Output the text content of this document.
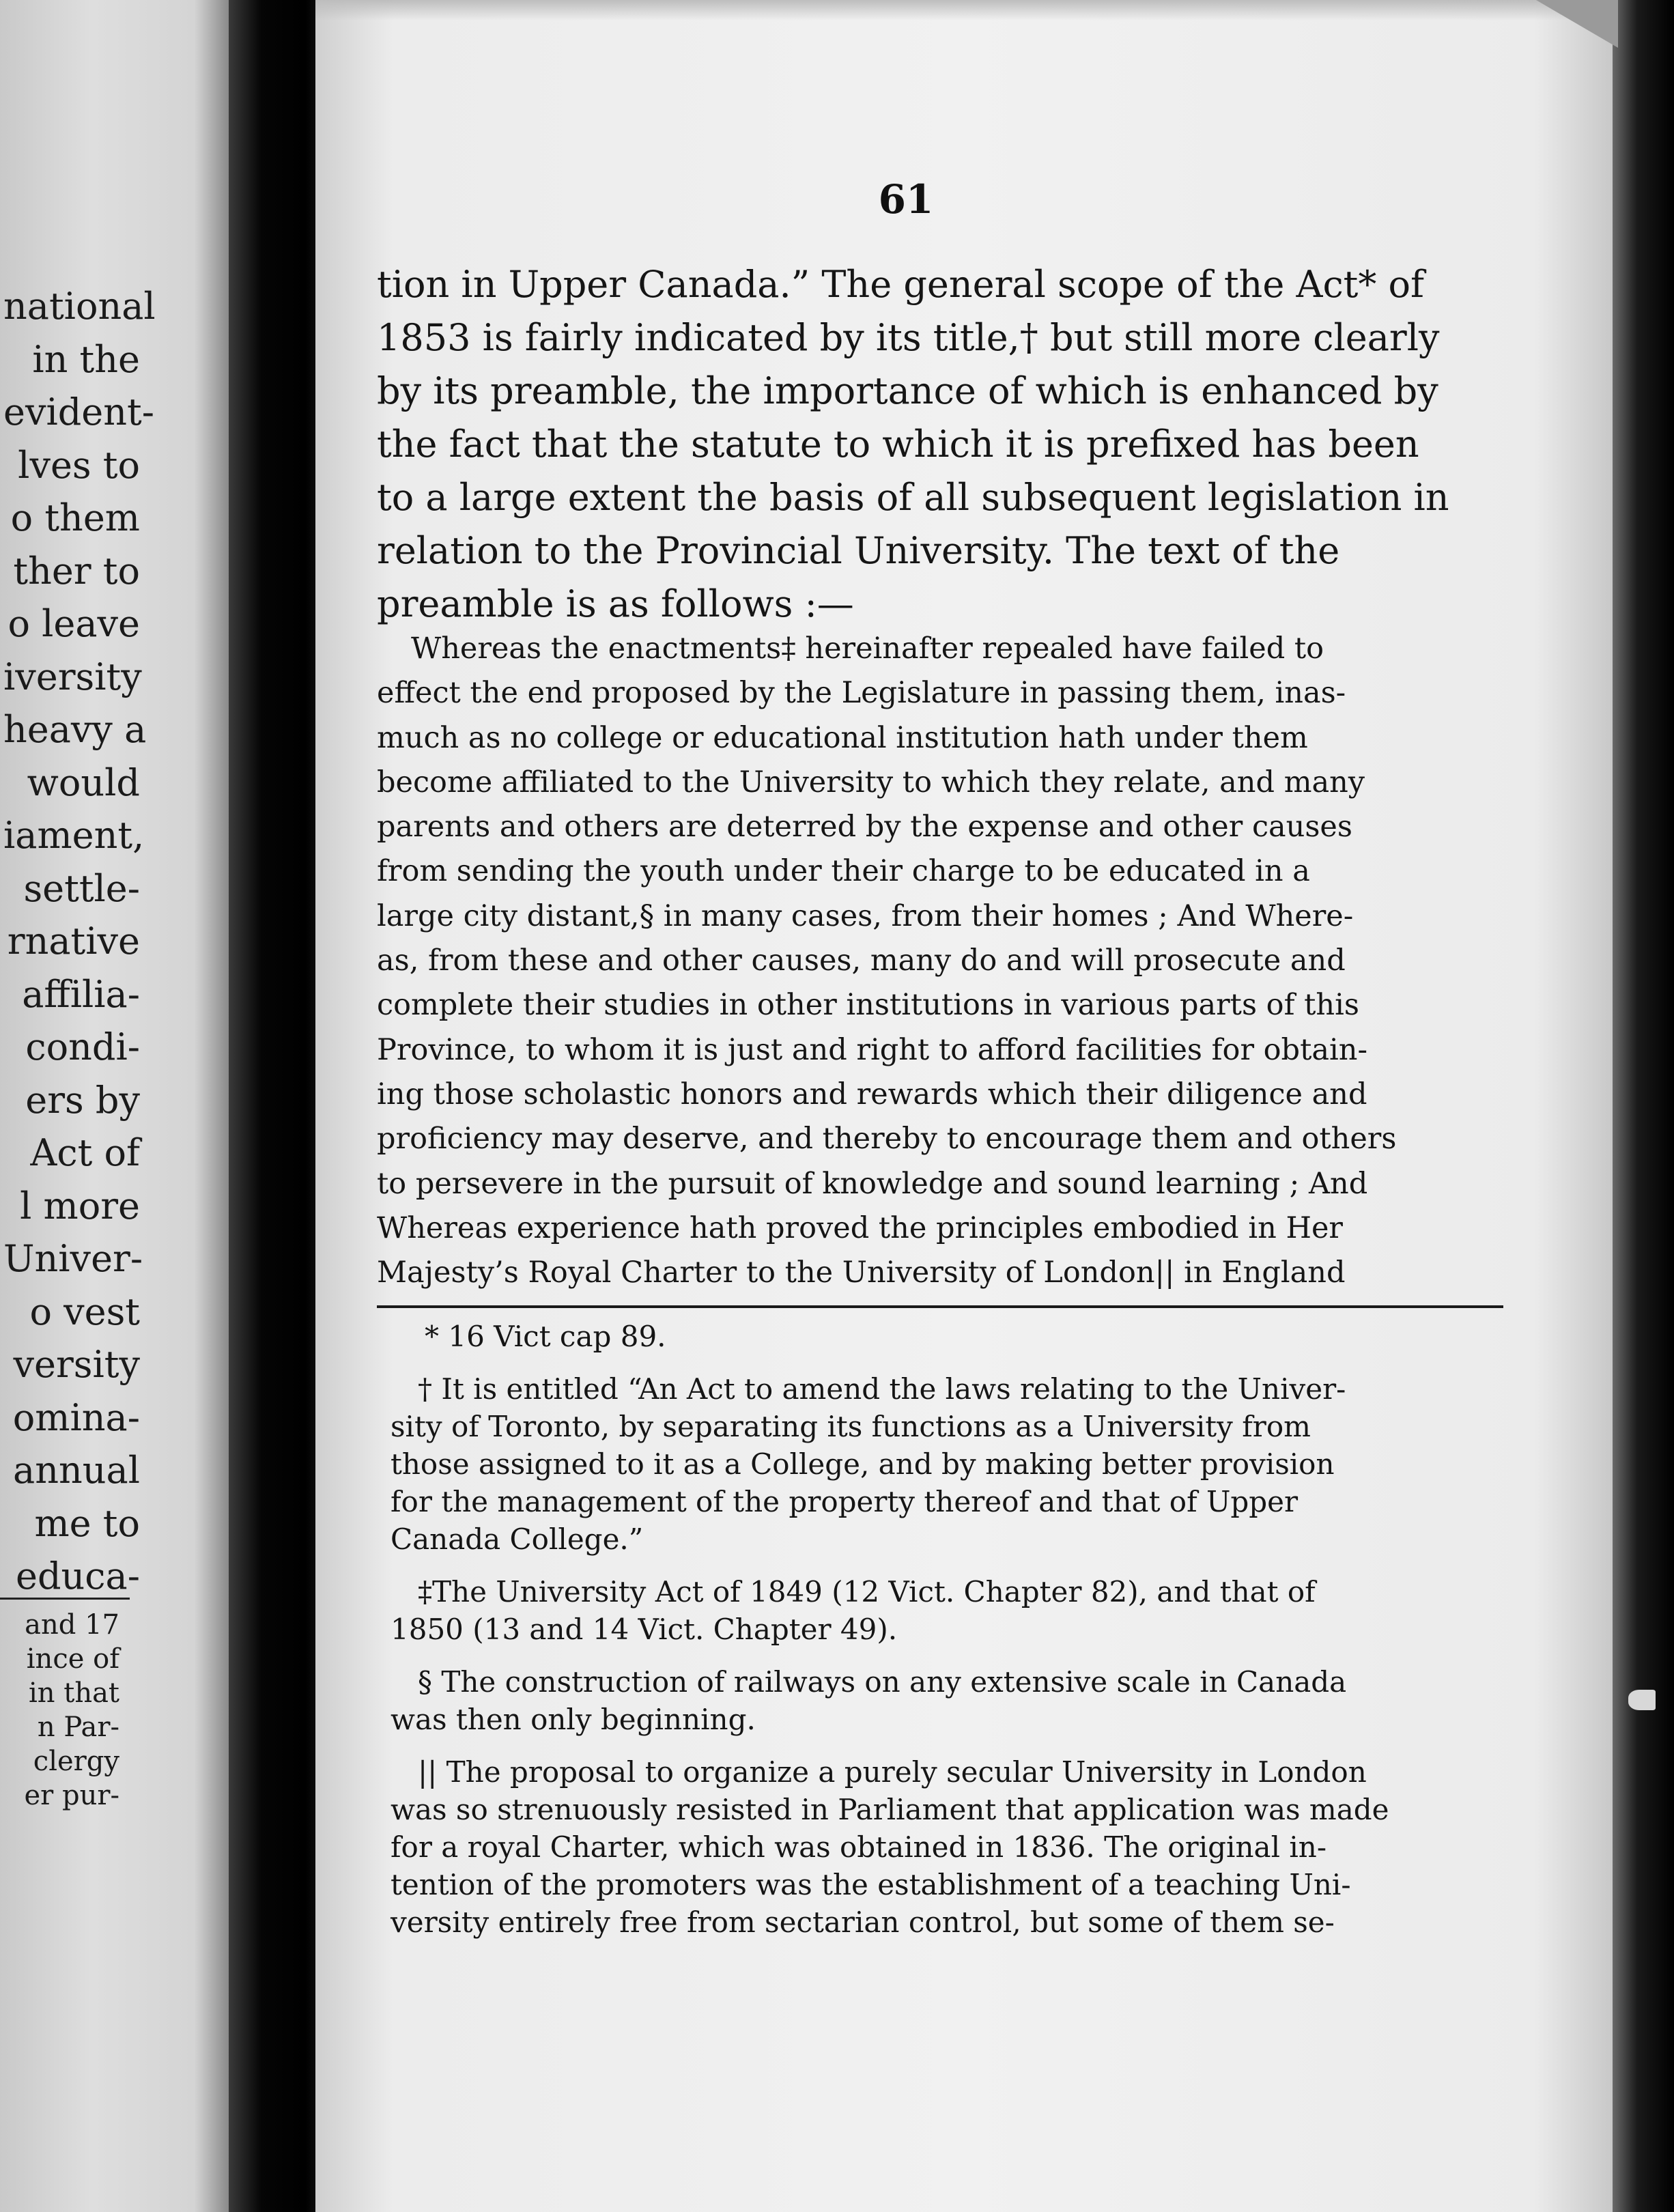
national
in the
evident-
lves to
o them
ther to
o leave
iversity
heavy a
would
iament,
settle-
rnative
affilia-
condi-
ers by
Act of
l more
Univer-
o vest
versity
omina-
annual
me to
educa-
and 17
ince of
in that
n Par-
clergy
er pur-
61
tion in Upper Canada.” The general scope of the Act* of
1853 is fairly indicated by its title,† but still more clearly
by its preamble, the importance of which is enhanced by
the fact that the statute to which it is prefixed has been
to a large extent the basis of all subsequent legislation in
relation to the Provincial University. The text of the
preamble is as follows :—
Whereas the enactments‡ hereinafter repealed have failed to
effect the end proposed by the Legislature in passing them, inas-
much as no college or educational institution hath under them
become affiliated to the University to which they relate, and many
parents and others are deterred by the expense and other causes
from sending the youth under their charge to be educated in a
large city distant,§ in many cases, from their homes ; And Where-
as, from these and other causes, many do and will prosecute and
complete their studies in other institutions in various parts of this
Province, to whom it is just and right to afford facilities for obtain-
ing those scholastic honors and rewards which their diligence and
proficiency may deserve, and thereby to encourage them and others
to persevere in the pursuit of knowledge and sound learning ; And
Whereas experience hath proved the principles embodied in Her
Majesty’s Royal Charter to the University of London|| in England
* 16 Vict cap 89.
† It is entitled “An Act to amend the laws relating to the Univer-
sity of Toronto, by separating its functions as a University from
those assigned to it as a College, and by making better provision
for the management of the property thereof and that of Upper
Canada College.”
‡The University Act of 1849 (12 Vict. Chapter 82), and that of
1850 (13 and 14 Vict. Chapter 49).
§ The construction of railways on any extensive scale in Canada
was then only beginning.
|| The proposal to organize a purely secular University in London
was so strenuously resisted in Parliament that application was made
for a royal Charter, which was obtained in 1836. The original in-
tention of the promoters was the establishment of a teaching Uni-
versity entirely free from sectarian control, but some of them se-
